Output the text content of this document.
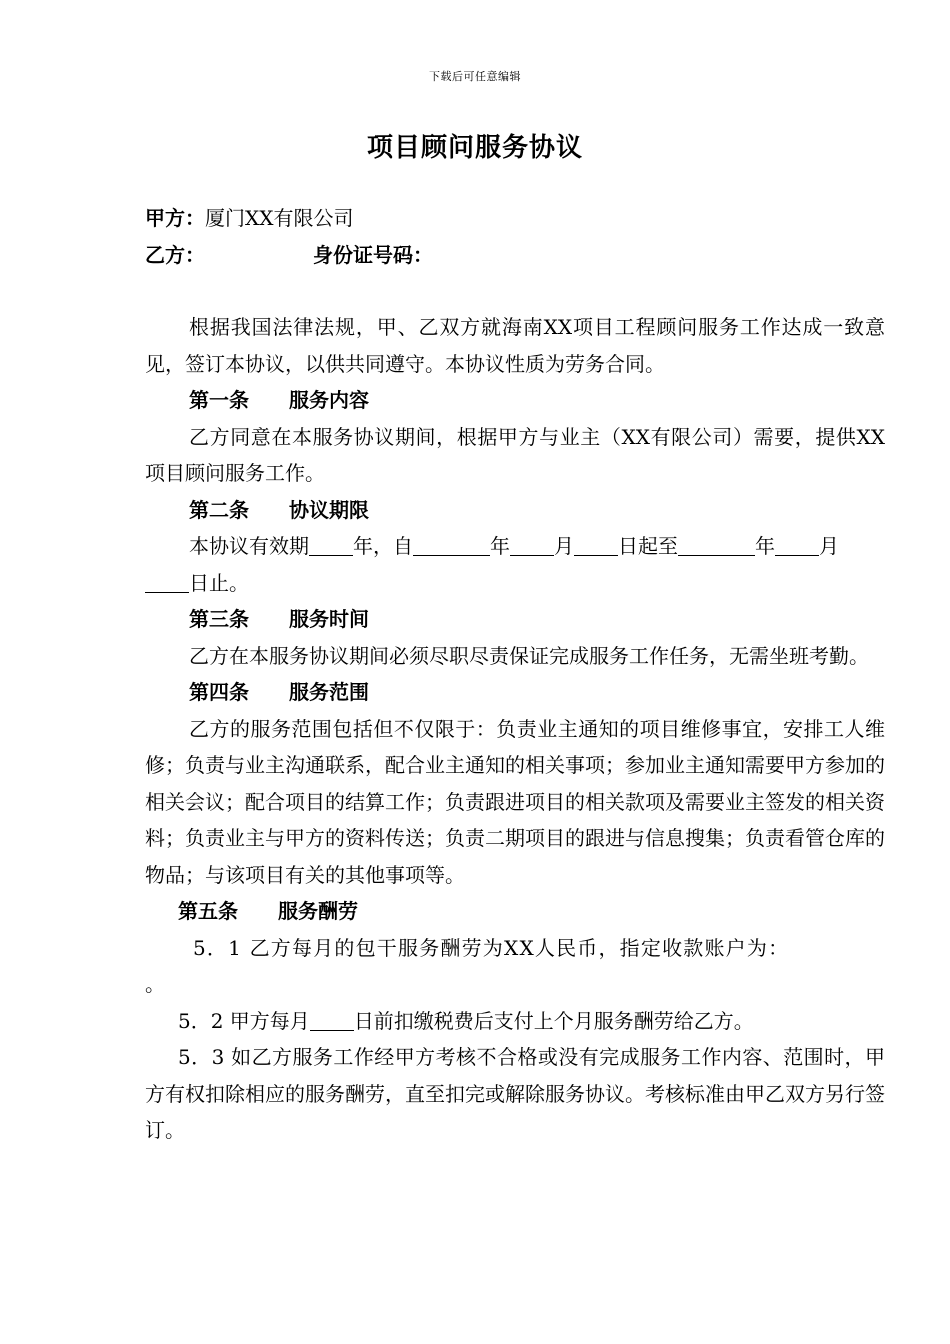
下载后可任意编辑
项目顾问服务协议
甲方：厦门XX有限公司
乙方：	身份证号码：
根据我国法律法规，甲、乙双方就海南XX项目工程顾问服务工作达成一致意见，签订本协议，以供共同遵守。本协议性质为劳务合同。
第一条 服务内容
乙方同意在本服务协议期间，根据甲方与业主（XX有限公司）需要，提供XX项目顾问服务工作。
第二条 协议期限
本协议有效期 年，自	年 月 日起至	年 月
日止。
第三条 服务时间
乙方在本服务协议期间必须尽职尽责保证完成服务工作任务，无需坐班考勤。
第四条 服务范围
乙方的服务范围包括但不仅限于：负责业主通知的项目维修事宜，安排工人维修；负责与业主沟通联系，配合业主通知的相关事项；参加业主通知需要甲方参加的相关会议；配合项目的结算工作；负责跟进项目的相关款项及需要业主签发的相关资料；负责业主与甲方的资料传送；负责二期项目的跟进与信息搜集；负责看管仓库的物品；与该项目有关的其他事项等。
第五条 服务酬劳
5．1 乙方每月的包干服务酬劳为XX人民币，指定收款账户为：
。
5．2 甲方每月 日前扣缴税费后支付上个月服务酬劳给乙方。
5．3 如乙方服务工作经甲方考核不合格或没有完成服务工作内容、范围时，甲方有权扣除相应的服务酬劳，直至扣完或解除服务协议。考核标准由甲乙双方另行签订。
